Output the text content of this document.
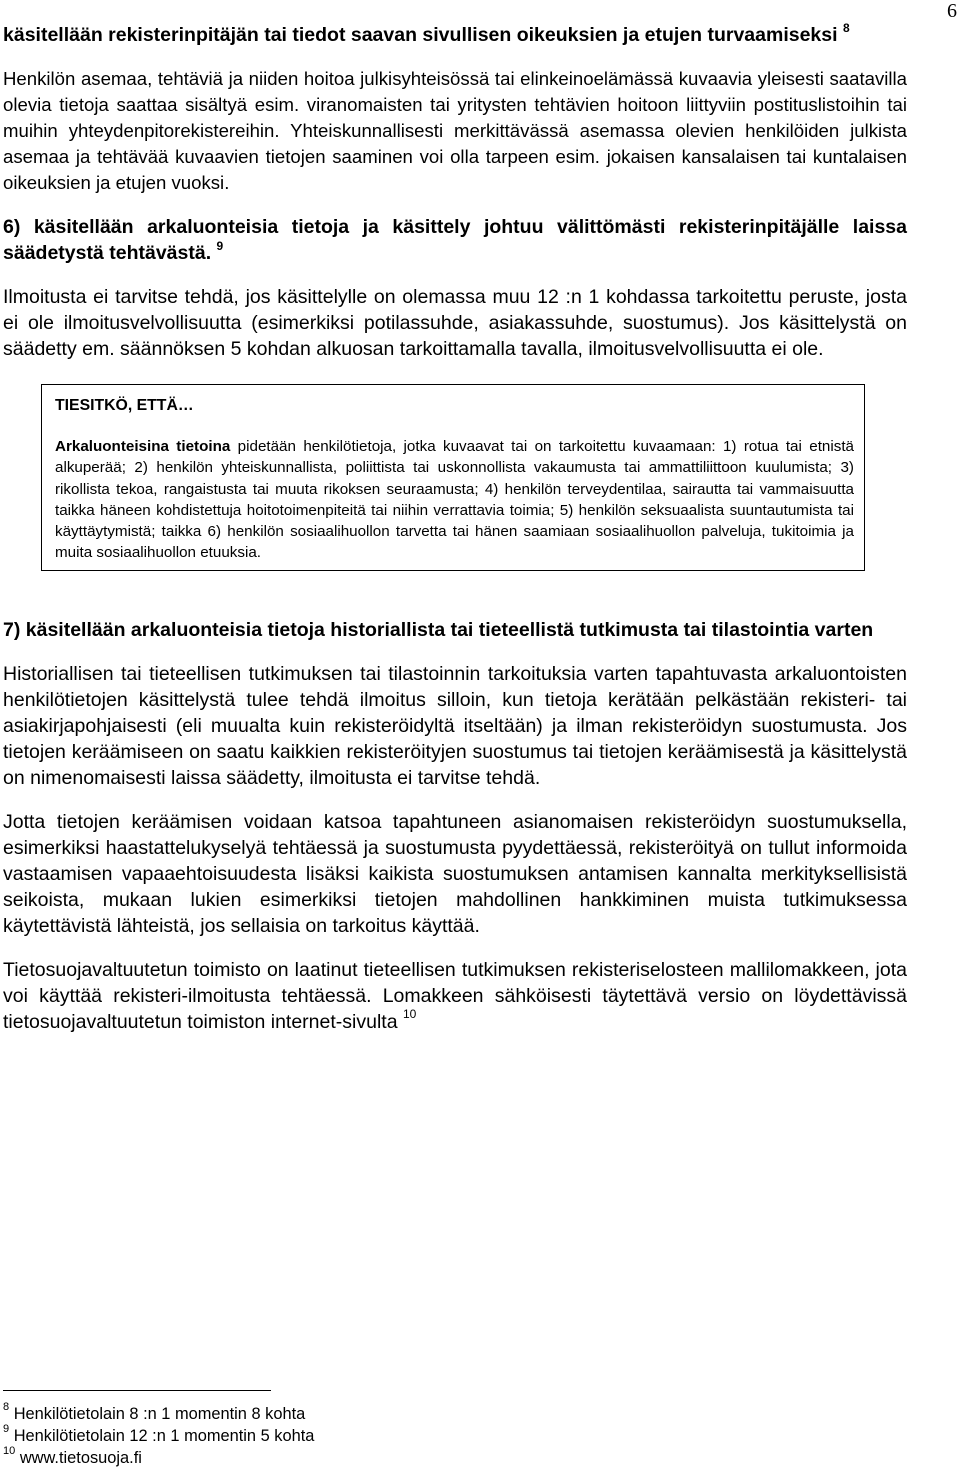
6

käsitellään rekisterinpitäjän tai tiedot saavan sivullisen oikeuksien ja etujen turvaamiseksi $^8$

Henkilön asemaa, tehtäviä ja niiden hoitoa julkisyhteisössä tai elinkeinoelämässä kuvaavia yleisesti saatavilla olevia tietoja saattaa sisältyä esim. viranomaisten tai yritysten tehtävien hoitoon liittyviin postituslistoihin tai muihin yhteydenpitorekistereihin. Yhteiskunnallisesti merkittävässä asemassa olevien henkilöiden julkista asemaa ja tehtävää kuvaavien tietojen saaminen voi olla tarpeen esim. jokaisen kansalaisen tai kuntalaisen oikeuksien ja etujen vuoksi.

6) käsitellään arkaluonteisia tietoja ja käsittely johtuu välittömästi rekisterinpitäjälle laissa säädetystä tehtävästä. $^9$

Ilmoitusta ei tarvitse tehdä, jos käsittelylle on olemassa muu 12 :n 1 kohdassa tarkoitettu peruste, josta ei ole ilmoitusvelvollisuutta (esimerkiksi potilassuhde, asiakassuhde, suostumus). Jos käsittelystä on säädetty em. säännöksen 5 kohdan alkuosan tarkoittamalla tavalla, ilmoitusvelvollisuutta ei ole.

TIESITKÖ, ETTÄ…

Arkaluonteisina tietoina pidetään henkilötietoja, jotka kuvaavat tai on tarkoitettu kuvaamaan: 1) rotua tai etnistä alkuperää; 2) henkilön yhteiskunnallista, poliittista tai uskonnollista vakaumusta tai ammattiliittoon kuulumista; 3) rikollista tekoa, rangaistusta tai muuta rikoksen seuraamusta; 4) henkilön terveydentilaa, sairautta tai vammaisuutta taikka häneen kohdistettuja hoitotoimenpiteitä tai niihin verrattavia toimia; 5) henkilön seksuaalista suuntautumista tai käyttäytymistä; taikka 6) henkilön sosiaalihuollon tarvetta tai hänen saamiaan sosiaalihuollon palveluja, tukitoimia ja muita sosiaalihuollon etuuksia.

7) käsitellään arkaluonteisia tietoja historiallista tai tieteellistä tutkimusta tai tilastointia varten

Historiallisen tai tieteellisen tutkimuksen tai tilastoinnin tarkoituksia varten tapahtuvasta arkaluontoisten henkilötietojen käsittelystä tulee tehdä ilmoitus silloin, kun tietoja kerätään pelkästään rekisteri- tai asiakirjapohjaisesti (eli muualta kuin rekisteröidyltä itseltään) ja ilman rekisteröidyn suostumusta. Jos tietojen keräämiseen on saatu kaikkien rekisteröityjen suostumus tai tietojen keräämisestä ja käsittelystä on nimenomaisesti laissa säädetty, ilmoitusta ei tarvitse tehdä.

Jotta tietojen keräämisen voidaan katsoa tapahtuneen asianomaisen rekisteröidyn suostumuksella, esimerkiksi haastattelukyselyä tehtäessä ja suostumusta pyydettäessä, rekisteröityä on tullut informoida vastaamisen vapaaehtoisuudesta lisäksi kaikista suostumuksen antamisen kannalta merkityksellisistä seikoista, mukaan lukien esimerkiksi tietojen mahdollinen hankkiminen muista tutkimuksessa käytettävistä lähteistä, jos sellaisia on tarkoitus käyttää.

Tietosuojavaltuutetun toimisto on laatinut tieteellisen tutkimuksen rekisteriselosteen mallilomakkeen, jota voi käyttää rekisteri-ilmoitusta tehtäessä. Lomakkeen sähköisesti täytettävä versio on löydettävissä tietosuojavaltuutetun toimiston internet-sivulta $^{10}$

$^8$ Henkilötietolain 8 :n 1 momentin 8 kohta

$^9$ Henkilötietolain 12 :n 1 momentin 5 kohta

$^{10}$ www.tietosuoja.fi
